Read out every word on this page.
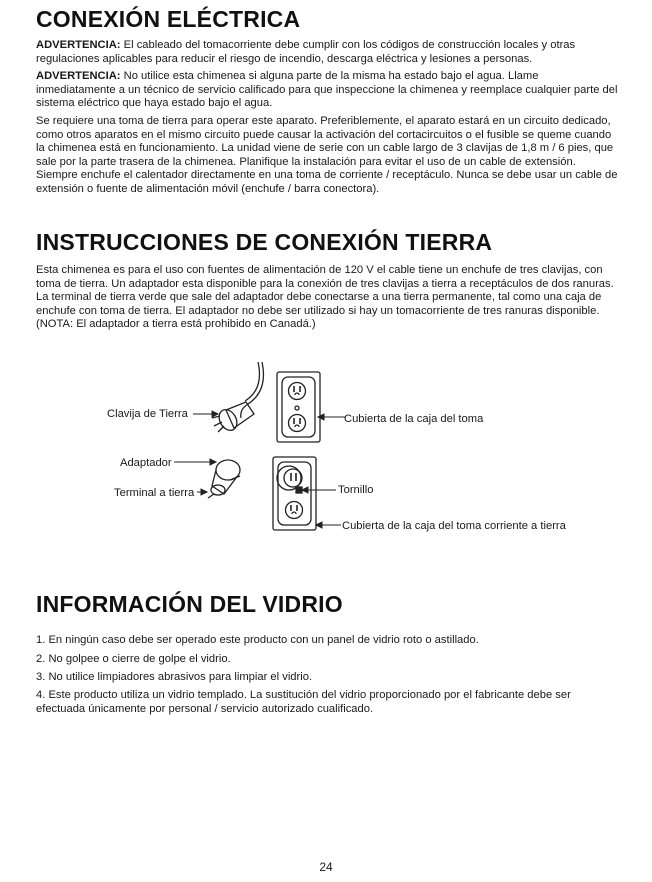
CONEXIÓN ELÉCTRICA

ADVERTENCIA: El cableado del tomacorriente debe cumplir con los códigos de construcción locales y otras regulaciones aplicables para reducir el riesgo de incendio, descarga eléctrica y lesiones a personas.

ADVERTENCIA: No utilice esta chimenea si alguna parte de la misma ha estado bajo el agua. Llame inmediatamente a un técnico de servicio calificado para que inspeccione la chimenea y reemplace cualquier parte del sistema eléctrico que haya estado bajo el agua.

Se requiere una toma de tierra para operar este aparato. Preferiblemente, el aparato estará en un circuito dedicado, como otros aparatos en el mismo circuito puede causar la activación del cortacircuitos o el fusible se queme cuando la chimenea está en funcionamiento. La unidad viene de serie con un cable largo de 3 clavijas de 1,8 m / 6 pies, que sale por la parte trasera de la chimenea. Planifique la instalación para evitar el uso de un cable de extensión. Siempre enchufe el calentador directamente en una toma de corriente / receptáculo. Nunca se debe usar un cable de extensión o fuente de alimentación móvil (enchufe / barra conectora).

INSTRUCCIONES DE CONEXIÓN TIERRA

Esta chimenea es para el uso con fuentes de alimentación de 120 V el cable tiene un enchufe de tres clavijas, con toma de tierra. Un adaptador esta disponible para la conexión de tres clavijas a tierra a receptáculos de dos ranuras. La terminal de tierra verde que sale del adaptador debe conectarse a una tierra permanente, tal como una caja de enchufe con toma de tierra. El adaptador no debe ser utilizado si hay un tomacorriente de tres ranuras disponible. (NOTA: El adaptador a tierra está prohibido en Canadá.)

Clavija de Tierra	Cubierta de la caja del toma
Adaptador
Terminal a tierra	Tornillo
Cubierta de la caja del toma corriente a tierra
INFORMACIÓN DEL VIDRIO

1. En ningún caso debe ser operado este producto con un panel de vidrio roto o astillado.

2. No golpee o cierre de golpe el vidrio.

3. No utilice limpiadores abrasivos para limpiar el vidrio.

4. Este producto utiliza un vidrio templado. La sustitución del vidrio proporcionado por el fabricante debe ser efectuada únicamente por personal / servicio autorizado cualificado.

24
